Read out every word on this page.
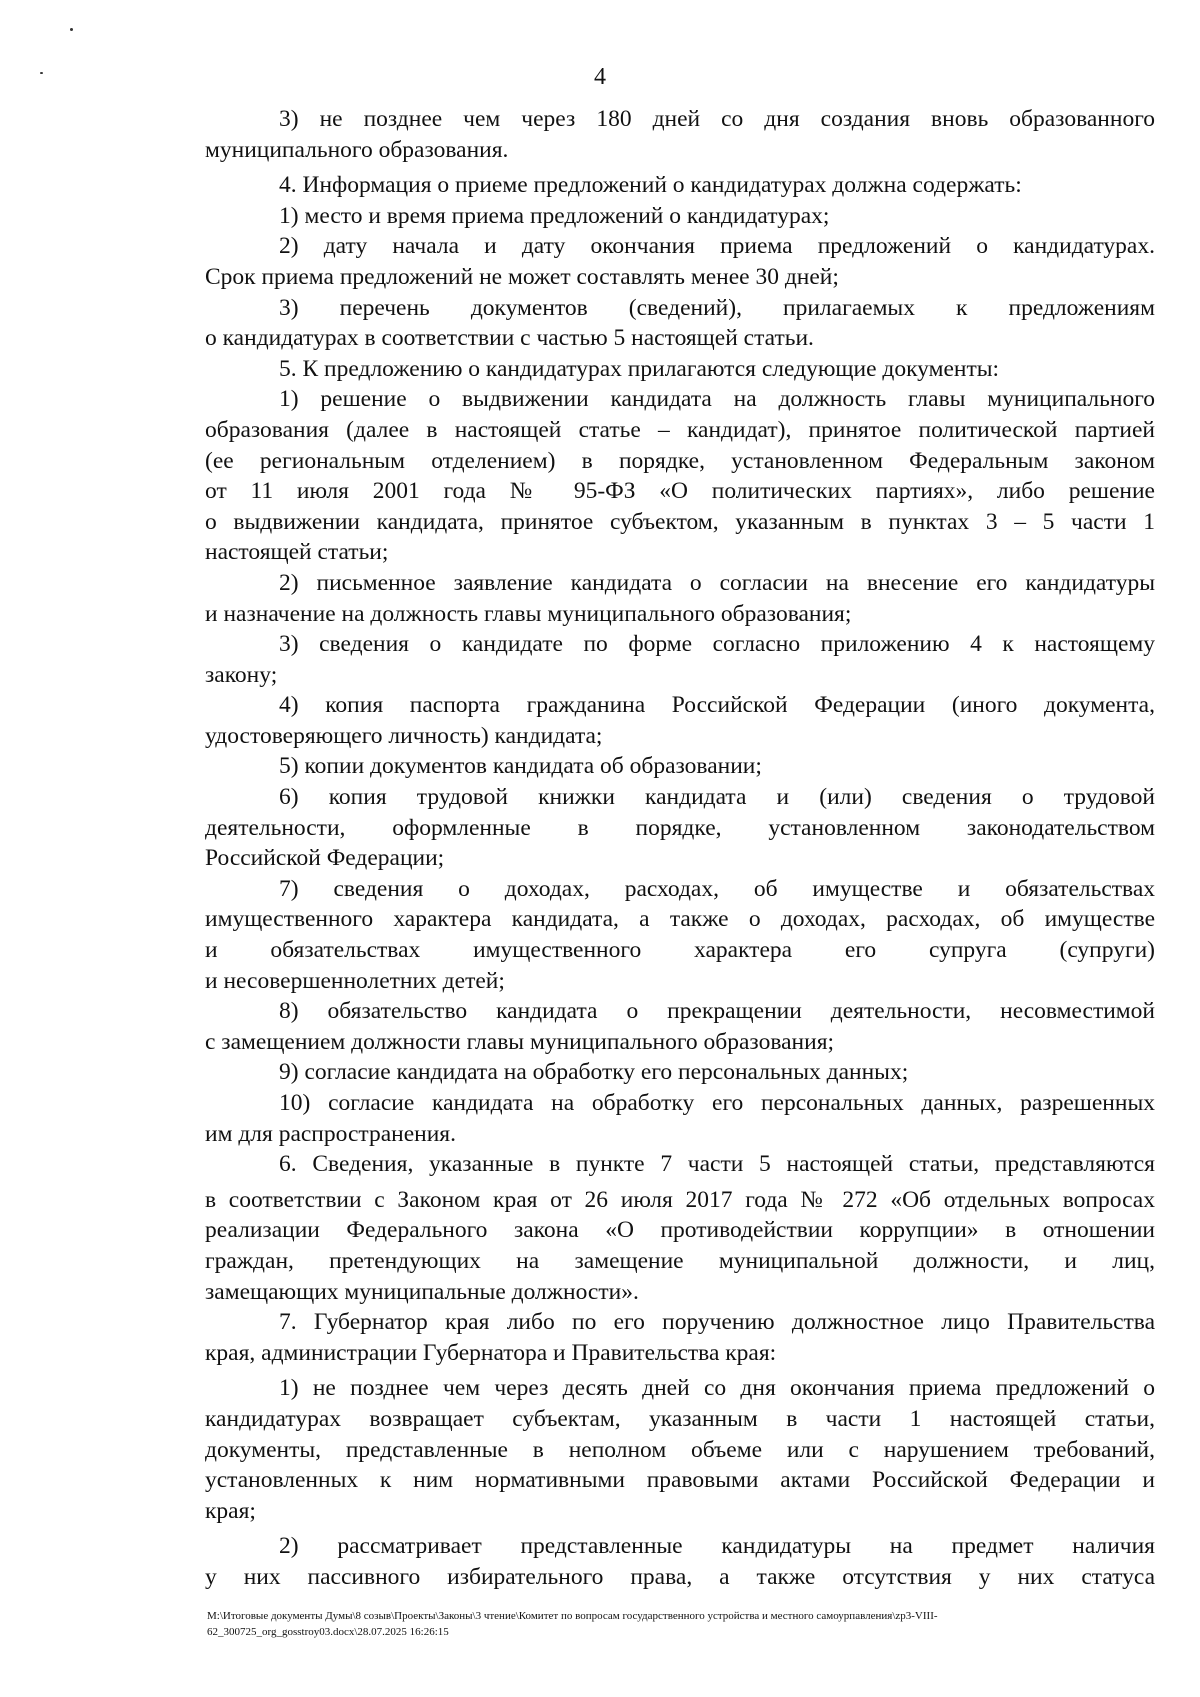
4
3) не позднее чем через 180 дней со дня создания вновь образованного
муниципального образования.
4. Информация о приеме предложений о кандидатурах должна содержать:
1) место и время приема предложений о кандидатурах;
2) дату начала и дату окончания приема предложений о кандидатурах.
Срок приема предложений не может составлять менее 30 дней;
3) перечень документов (сведений), прилагаемых к предложениям
о кандидатурах в соответствии с частью 5 настоящей статьи.
5. К предложению о кандидатурах прилагаются следующие документы:
1) решение о выдвижении кандидата на должность главы муниципального
образования (далее в настоящей статье – кандидат), принятое политической партией
(ее региональным отделением) в порядке, установленном Федеральным законом
от 11 июля 2001 года № 95-ФЗ «О политических партиях», либо решение
о выдвижении кандидата, принятое субъектом, указанным в пунктах 3 – 5 части 1
настоящей статьи;
2) письменное заявление кандидата о согласии на внесение его кандидатуры
и назначение на должность главы муниципального образования;
3) сведения о кандидате по форме согласно приложению 4 к настоящему
закону;
4) копия паспорта гражданина Российской Федерации (иного документа,
удостоверяющего личность) кандидата;
5) копии документов кандидата об образовании;
6) копия трудовой книжки кандидата и (или) сведения о трудовой
деятельности, оформленные в порядке, установленном законодательством
Российской Федерации;
7) сведения о доходах, расходах, об имуществе и обязательствах
имущественного характера кандидата, а также о доходах, расходах, об имуществе
и обязательствах имущественного характера его супруга (супруги)
и несовершеннолетних детей;
8) обязательство кандидата о прекращении деятельности, несовместимой
с замещением должности главы муниципального образования;
9) согласие кандидата на обработку его персональных данных;
10) согласие кандидата на обработку его персональных данных, разрешенных
им для распространения.
6. Сведения, указанные в пункте 7 части 5 настоящей статьи, представляются
в соответствии с Законом края от 26 июля 2017 года № 272 «Об отдельных вопросах
реализации Федерального закона «О противодействии коррупции» в отношении
граждан, претендующих на замещение муниципальной должности, и лиц,
замещающих муниципальные должности».
7. Губернатор края либо по его поручению должностное лицо Правительства
края, администрации Губернатора и Правительства края:
1) не позднее чем через десять дней со дня окончания приема предложений о
кандидатурах возвращает субъектам, указанным в части 1 настоящей статьи,
документы, представленные в неполном объеме или с нарушением требований,
установленных к ним нормативными правовыми актами Российской Федерации и
края;
2) рассматривает представленные кандидатуры на предмет наличия
у них пассивного избирательного права, а также отсутствия у них статуса
М:\Итоговые документы Думы\8 созыв\Проекты\Законы\3 чтение\Комитет по вопросам государственного устройства и местного самоурпавления\zp3-VIII-
62_300725_org_gosstroy03.docx\28.07.2025 16:26:15
